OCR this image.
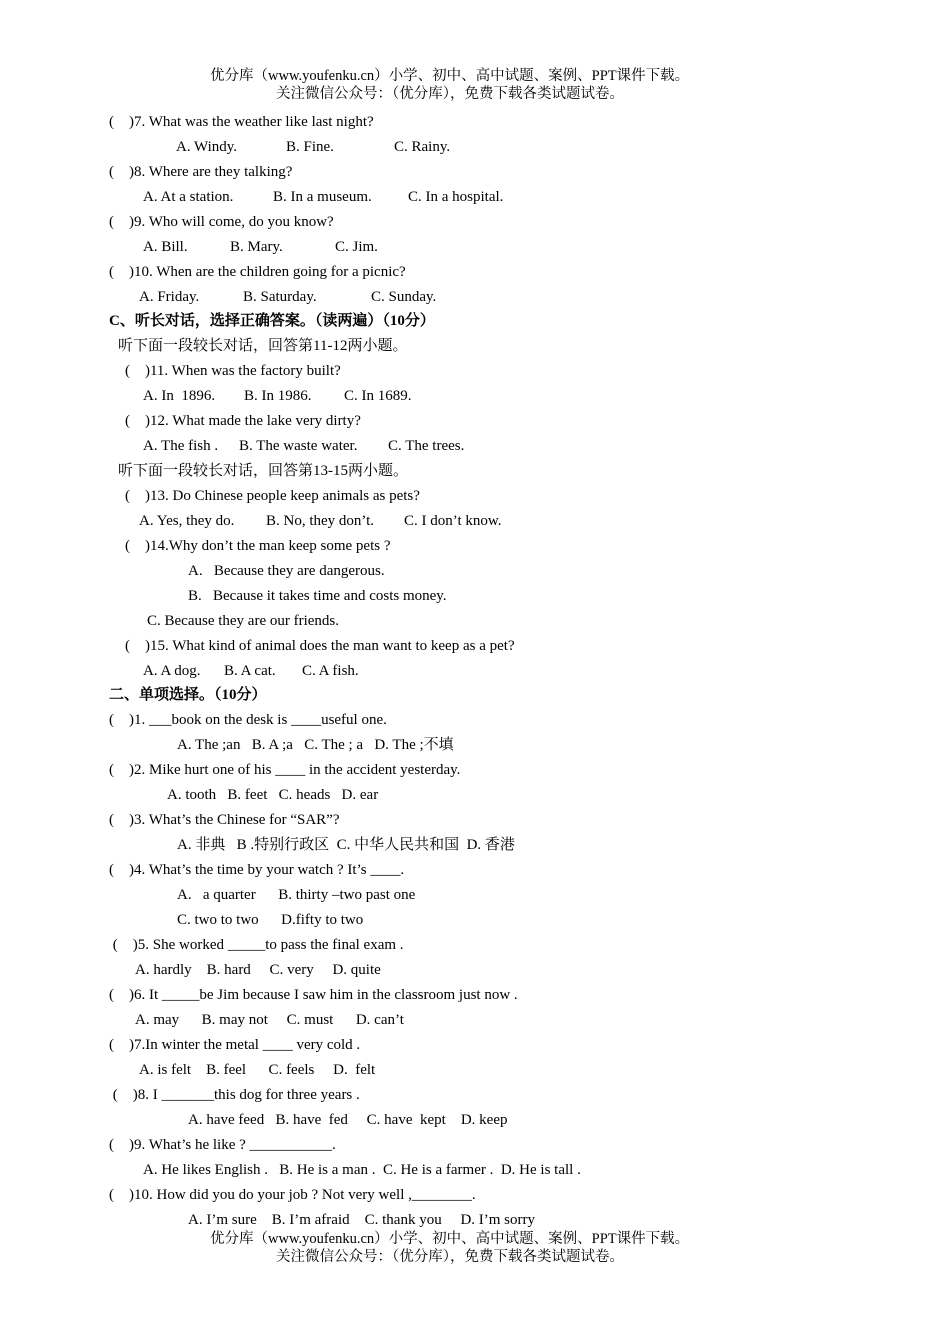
优分库（www.youfenku.cn）小学、初中、高中试题、案例、PPT课件下载。
关注微信公众号：（优分库），免费下载各类试题试卷。
(    )7. What was the weather like last night?
A. Windy.	B. Fine.	C. Rainy.
(    )8. Where are they talking?
A. At a station.	B. In a museum. C. In a hospital.
(    )9. Who will come, do you know?
A. Bill.	B. Mary.	C. Jim.
(    )10. When are the children going for a picnic?
A. Friday.	B. Saturday.	C. Sunday.
C、听长对话，选择正确答案。（读两遍）（10分）
听下面一段较长对话，回答第11-12两小题。
(    )11. When was the factory built?
A. In  1896. B. In 1986. C. In 1689.
(    )12. What made the lake very dirty?
A. The fish . B. The waste water. C. The trees.
听下面一段较长对话，回答第13-15两小题。
(    )13. Do Chinese people keep animals as pets?
A. Yes, they do. B. No, they don’t. C. I don’t know.
(    )14.Why don’t the man keep some pets ?
A.   Because they are dangerous.
B.   Because it takes time and costs money.
C. Because they are our friends.
(    )15. What kind of animal does the man want to keep as a pet?
A. A dog. B. A cat. C. A fish.
二、单项选择。（10分）
(    )1. ___book on the desk is ____useful one.
A. The ;an   B. A ;a   C. The ; a   D. The ;不填
(    )2. Mike hurt one of his ____ in the accident yesterday.
A. tooth   B. feet   C. heads   D. ear
(    )3. What’s the Chinese for “SAR”?
A. 非典   B .特别行政区  C. 中华人民共和国  D. 香港
(    )4. What’s the time by your watch ? It’s ____.
A.   a quarter      B. thirty –two past one
C. two to two      D.fifty to two
(    )5. She worked _____to pass the final exam .
A. hardly    B. hard     C. very     D. quite
(    )6. It _____be Jim because I saw him in the classroom just now .
A. may      B. may not     C. must      D. can’t
(    )7.In winter the metal ____ very cold .
A. is felt    B. feel      C. feels     D.  felt
(    )8. I _______this dog for three years .
A. have feed   B. have  fed     C. have  kept    D. keep
(    )9. What’s he like ? ___________.
A. He likes English .   B. He is a man .  C. He is a farmer .  D. He is tall .
(    )10. How did you do your job ? Not very well ,________.
A. I’m sure    B. I’m afraid    C. thank you     D. I’m sorry
优分库（www.youfenku.cn）小学、初中、高中试题、案例、PPT课件下载。
关注微信公众号：（优分库），免费下载各类试题试卷。
